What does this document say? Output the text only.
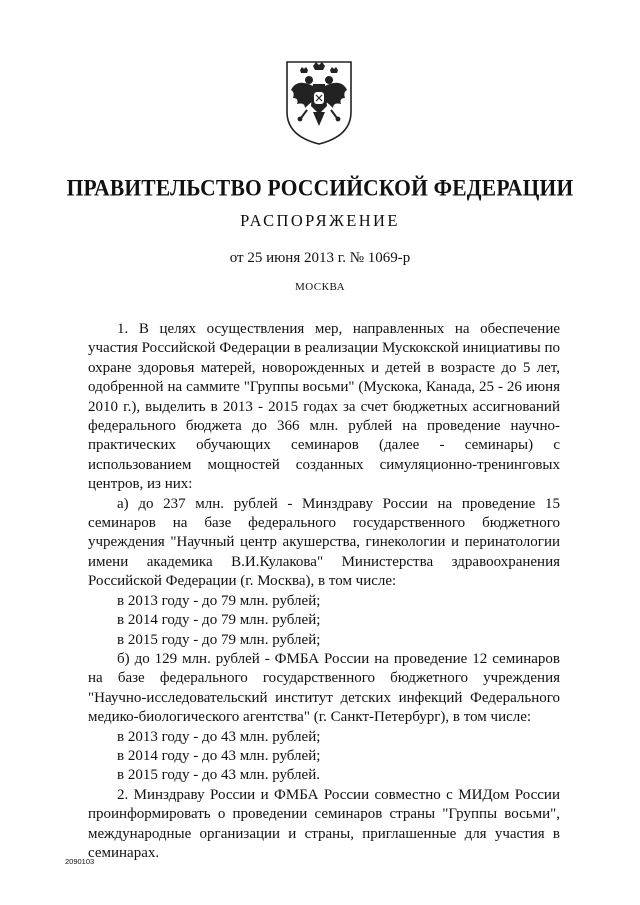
ПРАВИТЕЛЬСТВО РОССИЙСКОЙ ФЕДЕРАЦИИ
РАСПОРЯЖЕНИЕ
от 25 июня 2013 г. № 1069-р
МОСКВА

1. В целях осуществления мер, направленных на обеспечение участия Российской Федерации в реализации Мускокской инициативы по охране здоровья матерей, новорожденных и детей в возрасте до 5 лет, одобренной на саммите "Группы восьми" (Мускока, Канада, 25 - 26 июня 2010 г.), выделить в 2013 - 2015 годах за счет бюджетных ассигнований федерального бюджета до 366 млн. рублей на проведение научно-практических обучающих семинаров (далее - семинары) с использованием мощностей созданных симуляционно-тренинговых центров, из них:

а) до 237 млн. рублей - Минздраву России на проведение 15 семинаров на базе федерального государственного бюджетного учреждения "Научный центр акушерства, гинекологии и перинатологии имени академика В.И.Кулакова" Министерства здравоохранения Российской Федерации (г. Москва), в том числе:

в 2013 году - до 79 млн. рублей;

в 2014 году - до 79 млн. рублей;

в 2015 году - до 79 млн. рублей;

б) до 129 млн. рублей - ФМБА России на проведение 12 семинаров на базе федерального государственного бюджетного учреждения "Научно-исследовательский институт детских инфекций Федерального медико-биологического агентства" (г. Санкт-Петербург), в том числе:

в 2013 году - до 43 млн. рублей;

в 2014 году - до 43 млн. рублей;

в 2015 году - до 43 млн. рублей.

2. Минздраву России и ФМБА России совместно с МИДом России проинформировать о проведении семинаров страны "Группы восьми", международные организации и страны, приглашенные для участия в семинарах.

2090103
